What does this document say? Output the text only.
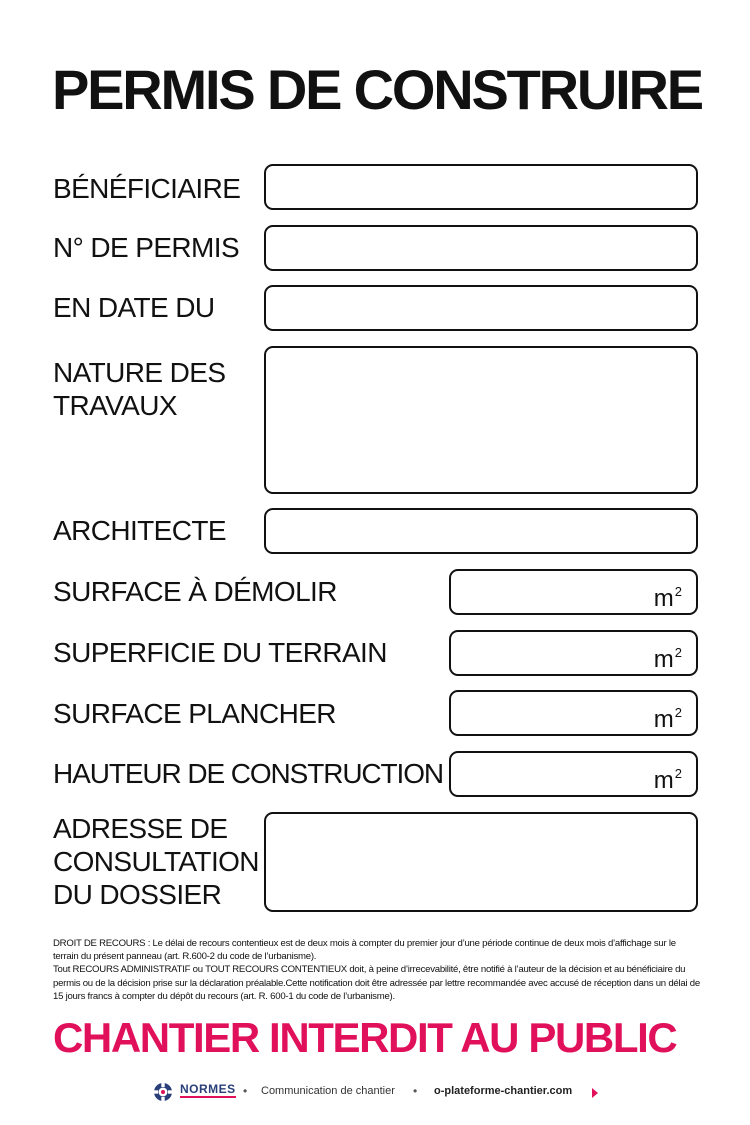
PERMIS DE CONSTRUIRE
BÉNÉFICIAIRE
N° DE PERMIS
EN DATE DU
NATURE DES
TRAVAUX
ARCHITECTE
SURFACE À DÉMOLIR	$m^2$
SUPERFICIE DU TERRAIN	$m^2$
SURFACE PLANCHER	$m^2$
HAUTEUR DE CONSTRUCTION	$m^2$
ADRESSE DE
CONSULTATION
DU DOSSIER

DROIT DE RECOURS : Le délai de recours contentieux est de deux mois à compter du premier jour d’une période continue de deux mois d’affichage sur le terrain du présent panneau (art. R.600-2 du code de l’urbanisme).

Tout RECOURS ADMINISTRATIF ou TOUT RECOURS CONTENTIEUX doit, à peine d’irrecevabilité, être notifié à l’auteur de la décision et au bénéficiaire du permis ou de la décision prise sur la déclaration préalable.Cette notification doit être adressée par lettre recommandée avec accusé de réception dans un délai de 15 jours francs à compter du dépôt du recours (art. R. 600-1 du code de l’urbanisme).

CHANTIER INTERDIT AU PUBLIC
NORMES • Communication de chantier • o-plateforme-chantier.com
